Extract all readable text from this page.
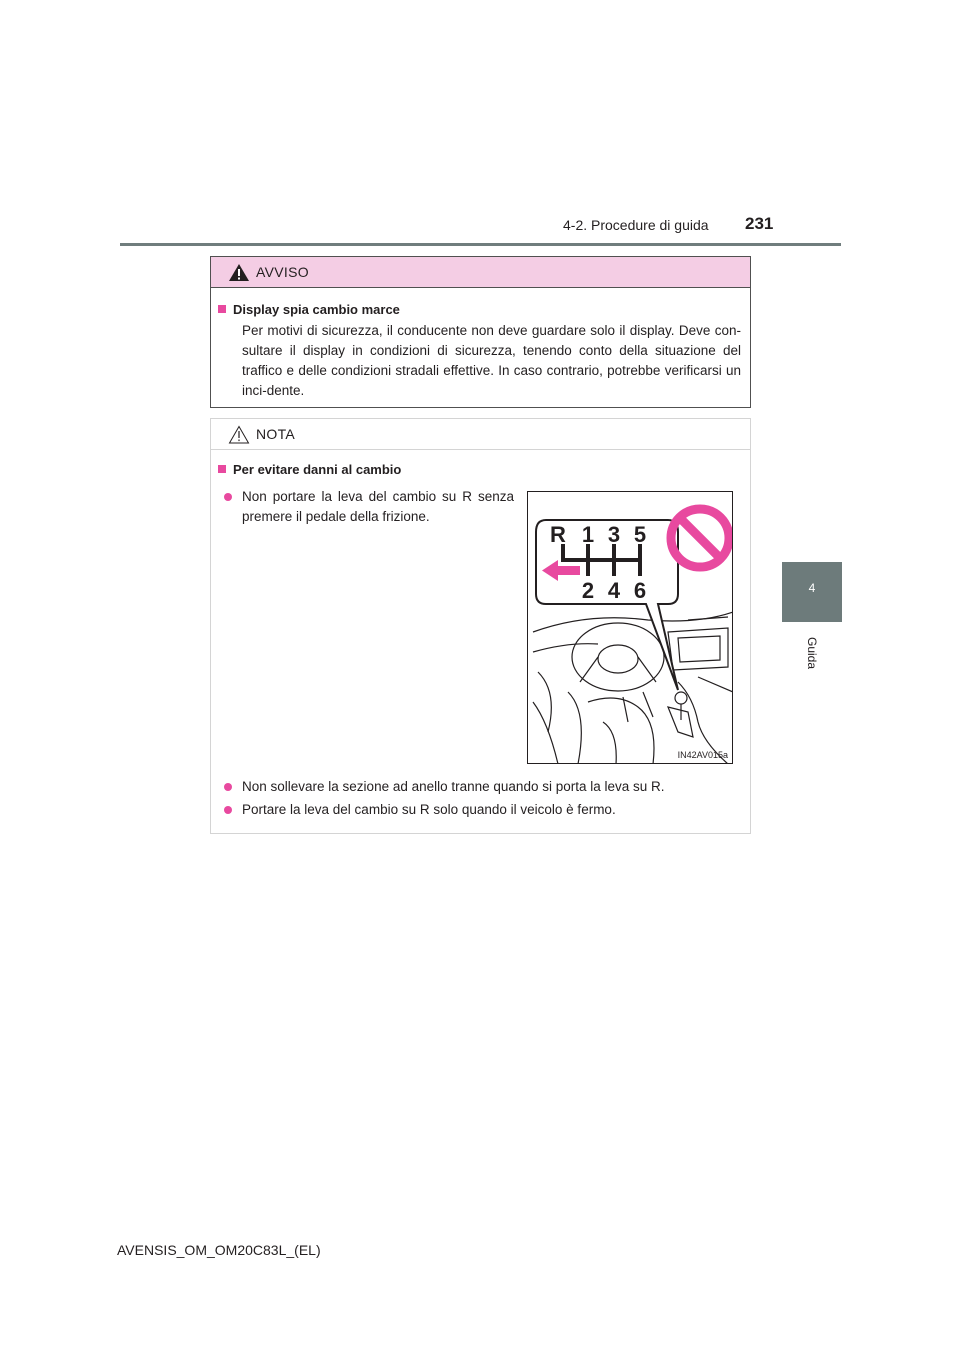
4-2. Procedure di guida 231
4
Guida
AVVISO
Display spia cambio marce
Per motivi di sicurezza, il conducente non deve guardare solo il display. Deve con-sultare il display in condizioni di sicurezza, tenendo conto della situazione del traffico e delle condizioni stradali effettive. In caso contrario, potrebbe verificarsi un inci-dente.
NOTA
Per evitare danni al cambio
Non portare la leva del cambio su R senza premere il pedale della frizione.
R 1 3 5
2 4 6
IN42AV015a
Non sollevare la sezione ad anello tranne quando si porta la leva su R.
Portare la leva del cambio su R solo quando il veicolo è fermo.
AVENSIS_OM_OM20C83L_(EL)
